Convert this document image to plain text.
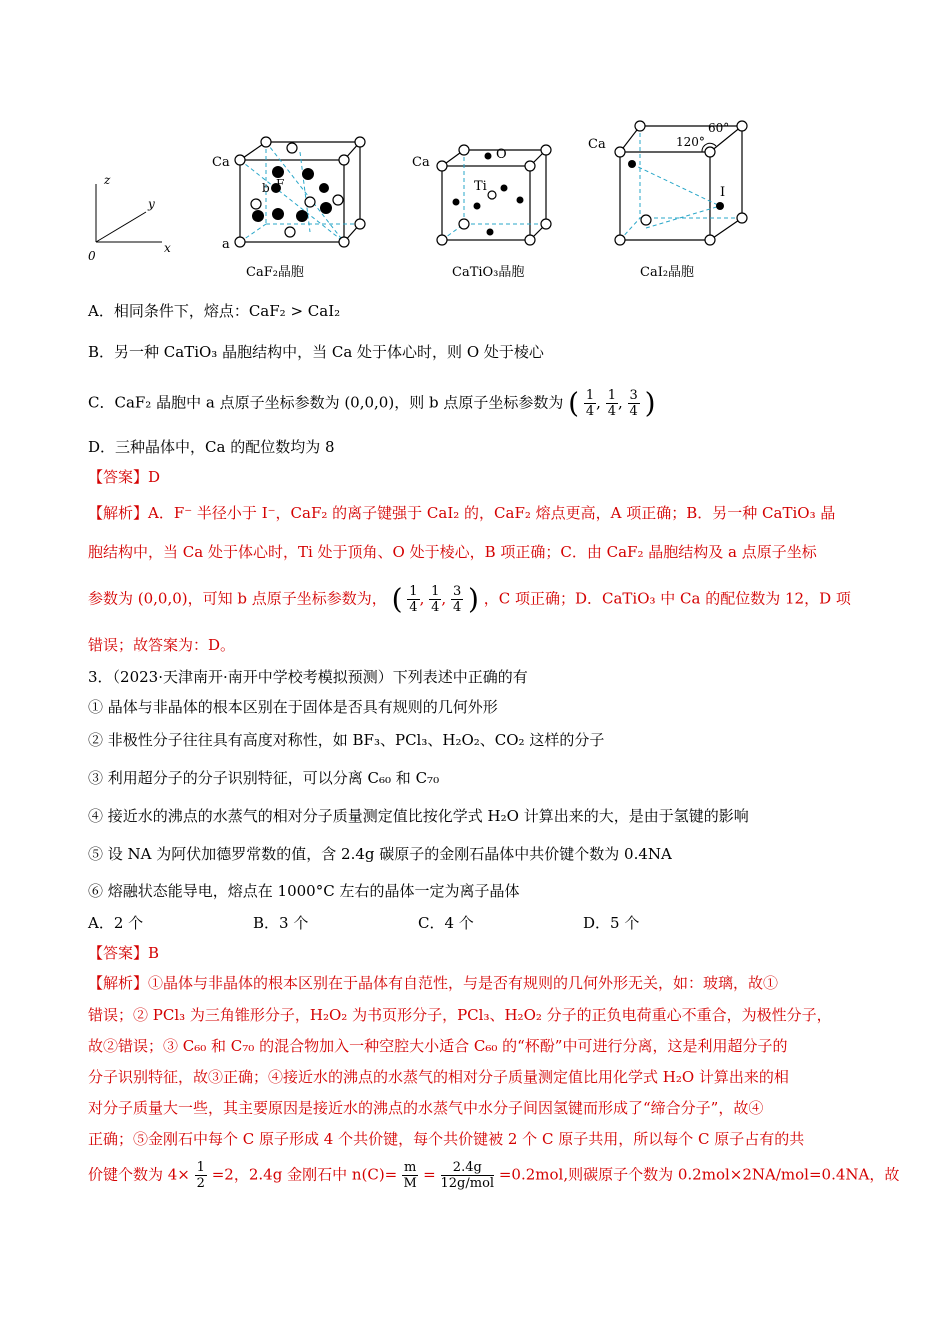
z
y
x
0
Ca
b F
a
CaF₂晶胞
Ca
O
Ti
CaTiO₃晶胞
Ca
60°
120°
I
CaI₂晶胞
A．相同条件下，熔点：CaF₂ > CaI₂
B．另一种 CaTiO₃ 晶胞结构中，当 Ca 处于体心时，则 O 处于棱心
C．CaF₂ 晶胞中 a 点原子坐标参数为 (0,0,0)，则 b 点原子坐标参数为 ( $\frac{1}{4}$ , $\frac{1}{4}$ , $\frac{3}{4}$ )
D．三种晶体中，Ca 的配位数均为 8
【答案】D
【解析】A．F⁻ 半径小于 I⁻，CaF₂ 的离子键强于 CaI₂ 的，CaF₂ 熔点更高，A 项正确；B．另一种 CaTiO₃ 晶
胞结构中，当 Ca 处于体心时，Ti 处于顶角、O 处于棱心，B 项正确；C．由 CaF₂ 晶胞结构及 a 点原子坐标
参数为 (0,0,0)，可知 b 点原子坐标参数为， ( $\frac{1}{4}$ , $\frac{1}{4}$ , $\frac{3}{4}$ ) ，C 项正确；D．CaTiO₃ 中 Ca 的配位数为 12，D 项
错误；故答案为：D。
3．（2023·天津南开·南开中学校考模拟预测）下列表述中正确的有
① 晶体与非晶体的根本区别在于固体是否具有规则的几何外形
② 非极性分子往往具有高度对称性，如 BF₃、PCl₃、H₂O₂、CO₂ 这样的分子
③ 利用超分子的分子识别特征，可以分离 C₆₀ 和 C₇₀
④ 接近水的沸点的水蒸气的相对分子质量测定值比按化学式 H₂O 计算出来的大，是由于氢键的影响
⑤ 设 NA 为阿伏加德罗常数的值，含 2.4g 碳原子的金刚石晶体中共价键个数为 0.4NA
⑥ 熔融状态能导电，熔点在 1000°C 左右的晶体一定为离子晶体
A．2 个	B．3 个	C．4 个	D．5 个
【答案】B
【解析】①晶体与非晶体的根本区别在于晶体有自范性，与是否有规则的几何外形无关，如：玻璃，故①
错误；② PCl₃ 为三角锥形分子，H₂O₂ 为书页形分子，PCl₃、H₂O₂ 分子的正负电荷重心不重合，为极性分子，
故②错误；③ C₆₀ 和 C₇₀ 的混合物加入一种空腔大小适合 C₆₀ 的“杯酚”中可进行分离，这是利用超分子的
分子识别特征，故③正确；④接近水的沸点的水蒸气的相对分子质量测定值比用化学式 H₂O 计算出来的相
对分子质量大一些，其主要原因是接近水的沸点的水蒸气中水分子间因氢键而形成了“缔合分子”，故④
正确；⑤金刚石中每个 C 原子形成 4 个共价键，每个共价键被 2 个 C 原子共用，所以每个 C 原子占有的共
价键个数为 $4\times \frac{1}{2} =2$，2.4g 金刚石中 $n(C)= \frac{m}{M} = \frac{2.4g}{\text{12g/mol}} =0.2mol$,则碳原子个数为 0.2mol×2NA/mol=0.4NA，故
